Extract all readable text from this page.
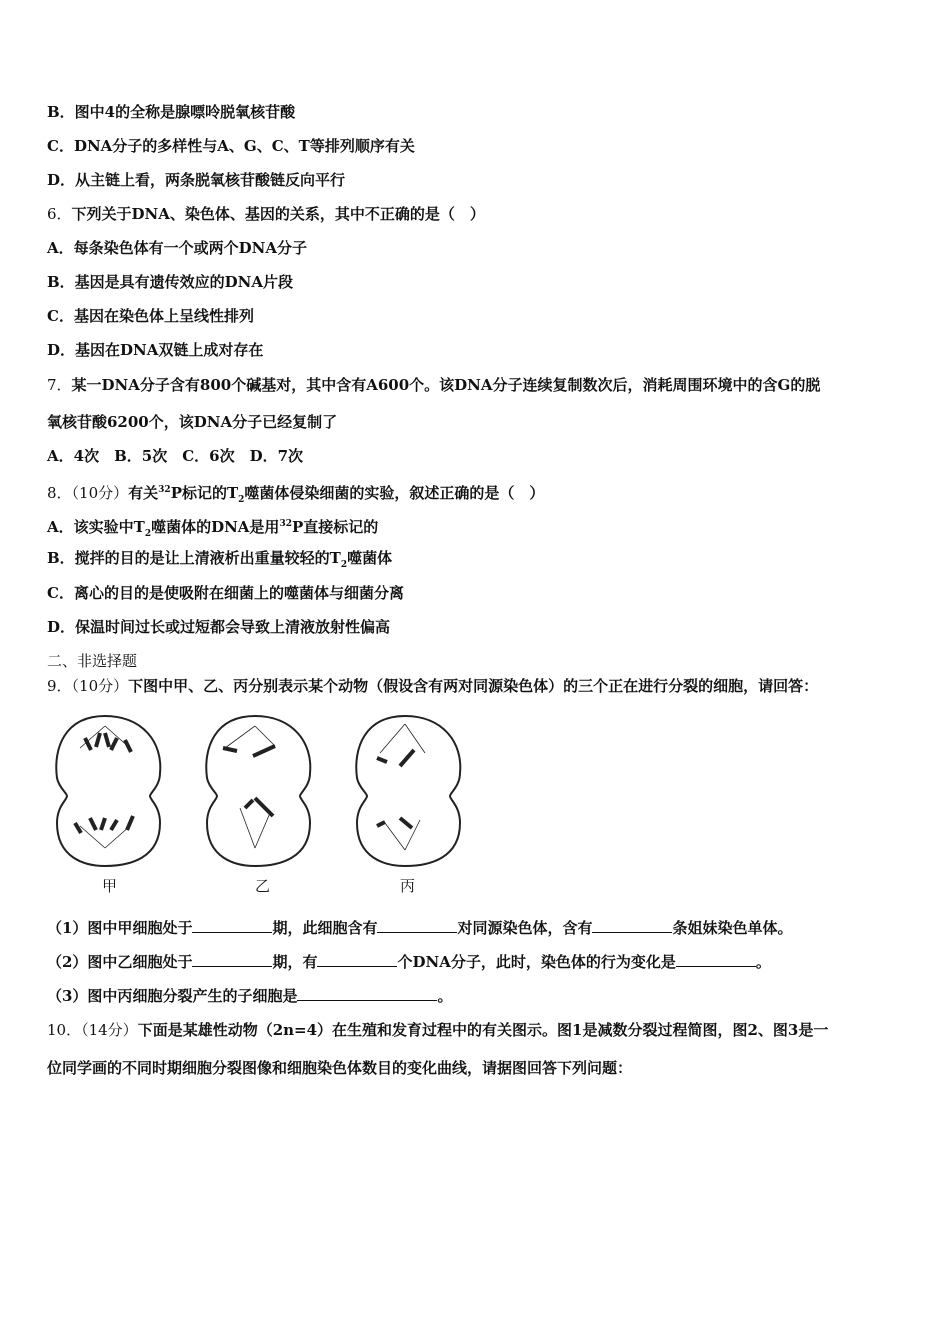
B．图中4的全称是腺嘌呤脱氧核苷酸
C．DNA分子的多样性与A、G、C、T等排列顺序有关
D．从主链上看，两条脱氧核苷酸链反向平行
6．下列关于DNA、染色体、基因的关系，其中不正确的是（　）
A．每条染色体有一个或两个DNA分子
B．基因是具有遗传效应的DNA片段
C．基因在染色体上呈线性排列
D．基因在DNA双链上成对存在
7．某一DNA分子含有800个碱基对，其中含有A600个。该DNA分子连续复制数次后，消耗周围环境中的含G的脱
氧核苷酸6200个，该DNA分子已经复制了
A．4次　B．5次　C．6次　D．7次
8．（10分）有关$^{32}$P标记的$T_2$噬菌体侵染细菌的实验，叙述正确的是（　）
A．该实验中$T_2$噬菌体的DNA是用$^{32}$P直接标记的
B．搅拌的目的是让上清液析出重量较轻的$T_2$噬菌体
C．离心的目的是使吸附在细菌上的噬菌体与细菌分离
D．保温时间过长或过短都会导致上清液放射性偏高
二、非选择题
9．（10分）下图中甲、乙、丙分别表示某个动物（假设含有两对同源染色体）的三个正在进行分裂的细胞，请回答：
甲	乙	丙
（1）图中甲细胞处于	期，此细胞含有	对同源染色体，含有	条姐妹染色单体。
（2）图中乙细胞处于	期，有	个DNA分子，此时，染色体的行为变化是	。
（3）图中丙细胞分裂产生的子细胞是	。
10．（14分）下面是某雄性动物（2n=4）在生殖和发育过程中的有关图示。图1是减数分裂过程简图，图2、图3是一
位同学画的不同时期细胞分裂图像和细胞染色体数目的变化曲线，请据图回答下列问题：
